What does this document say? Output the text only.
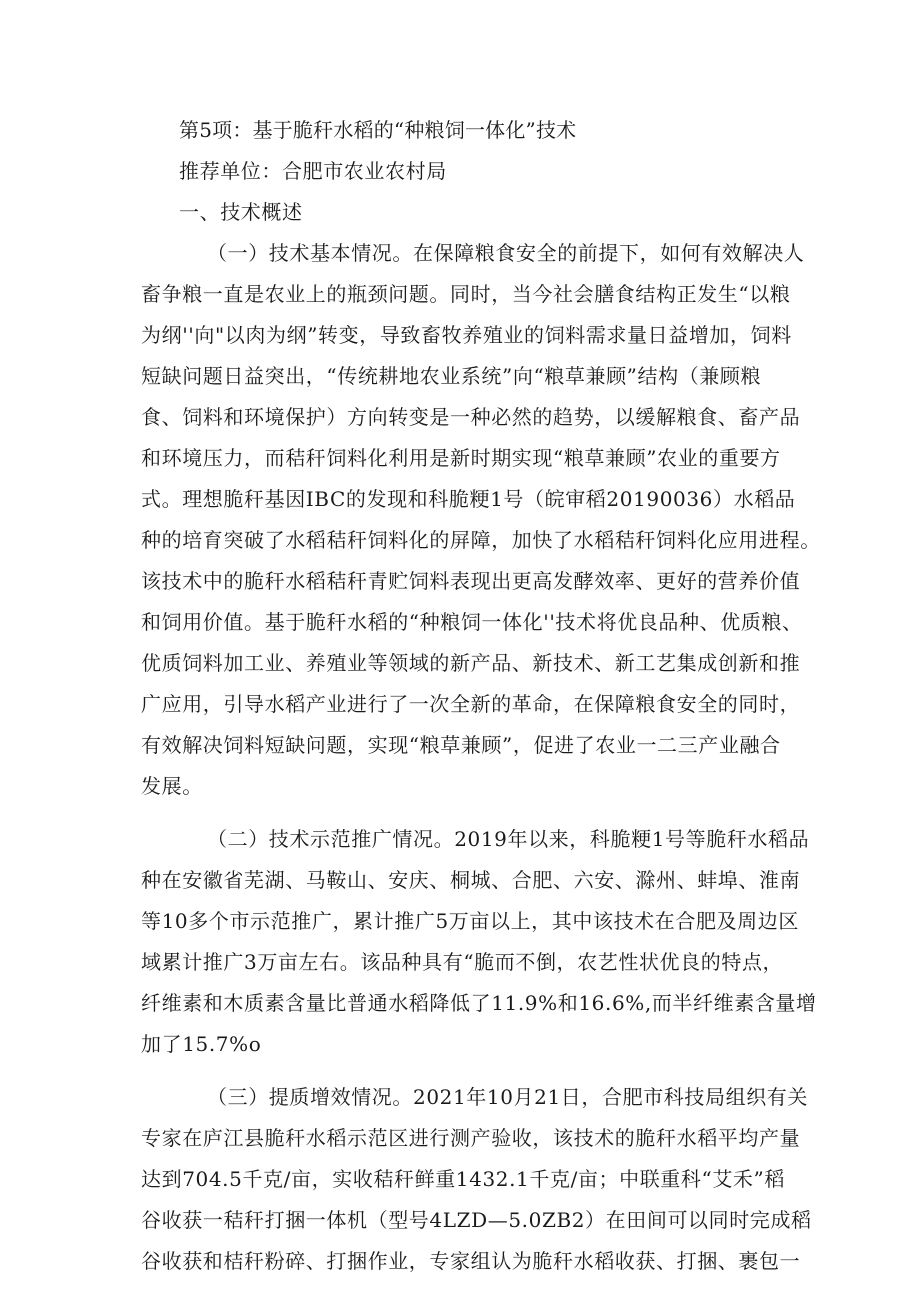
第5项：基于脆秆水稻的“种粮饲一体化”技术
推荐单位：合肥市农业农村局
一、技术概述
（一）技术基本情况。在保障粮食安全的前提下，如何有效解决人
畜争粮一直是农业上的瓶颈问题。同时，当今社会膳食结构正发生“以粮
为纲''向"以肉为纲”转变，导致畜牧养殖业的饲料需求量日益增加，饲料
短缺问题日益突出，“传统耕地农业系统”向“粮草兼顾”结构（兼顾粮
食、饲料和环境保护）方向转变是一种必然的趋势，以缓解粮食、畜产品
和环境压力，而秸秆饲料化利用是新时期实现“粮草兼顾”农业的重要方
式。理想脆秆基因IBC的发现和科脆粳1号（皖审稻20190036）水稻品
种的培育突破了水稻秸秆饲料化的屏障，加快了水稻秸秆饲料化应用进程。
该技术中的脆秆水稻秸秆青贮饲料表现出更高发酵效率、更好的营养价值
和饲用价值。基于脆秆水稻的“种粮饲一体化''技术将优良品种、优质粮、
优质饲料加工业、养殖业等领域的新产品、新技术、新工艺集成创新和推
广应用，引导水稻产业进行了一次全新的革命，在保障粮食安全的同时，
有效解决饲料短缺问题，实现“粮草兼顾”，促进了农业一二三产业融合
发展。
（二）技术示范推广情况。2019年以来，科脆粳1号等脆秆水稻品
种在安徽省芜湖、马鞍山、安庆、桐城、合肥、六安、滁州、蚌埠、淮南
等10多个市示范推广，累计推广5万亩以上，其中该技术在合肥及周边区
域累计推广3万亩左右。该品种具有“脆而不倒，农艺性状优良的特点，
纤维素和木质素含量比普通水稻降低了11.9%和16.6%,而半纤维素含量增
加了15.7%o
（三）提质增效情况。2021年10月21日，合肥市科技局组织有关
专家在庐江县脆秆水稻示范区进行测产验收，该技术的脆秆水稻平均产量
达到704.5千克/亩，实收秸秆鲜重1432.1千克/亩；中联重科“艾禾”稻
谷收获一秸秆打捆一体机（型号4LZD—5.0ZB2）在田间可以同时完成稻
谷收获和桔秆粉碎、打捆作业，专家组认为脆秆水稻收获、打捆、裹包一
